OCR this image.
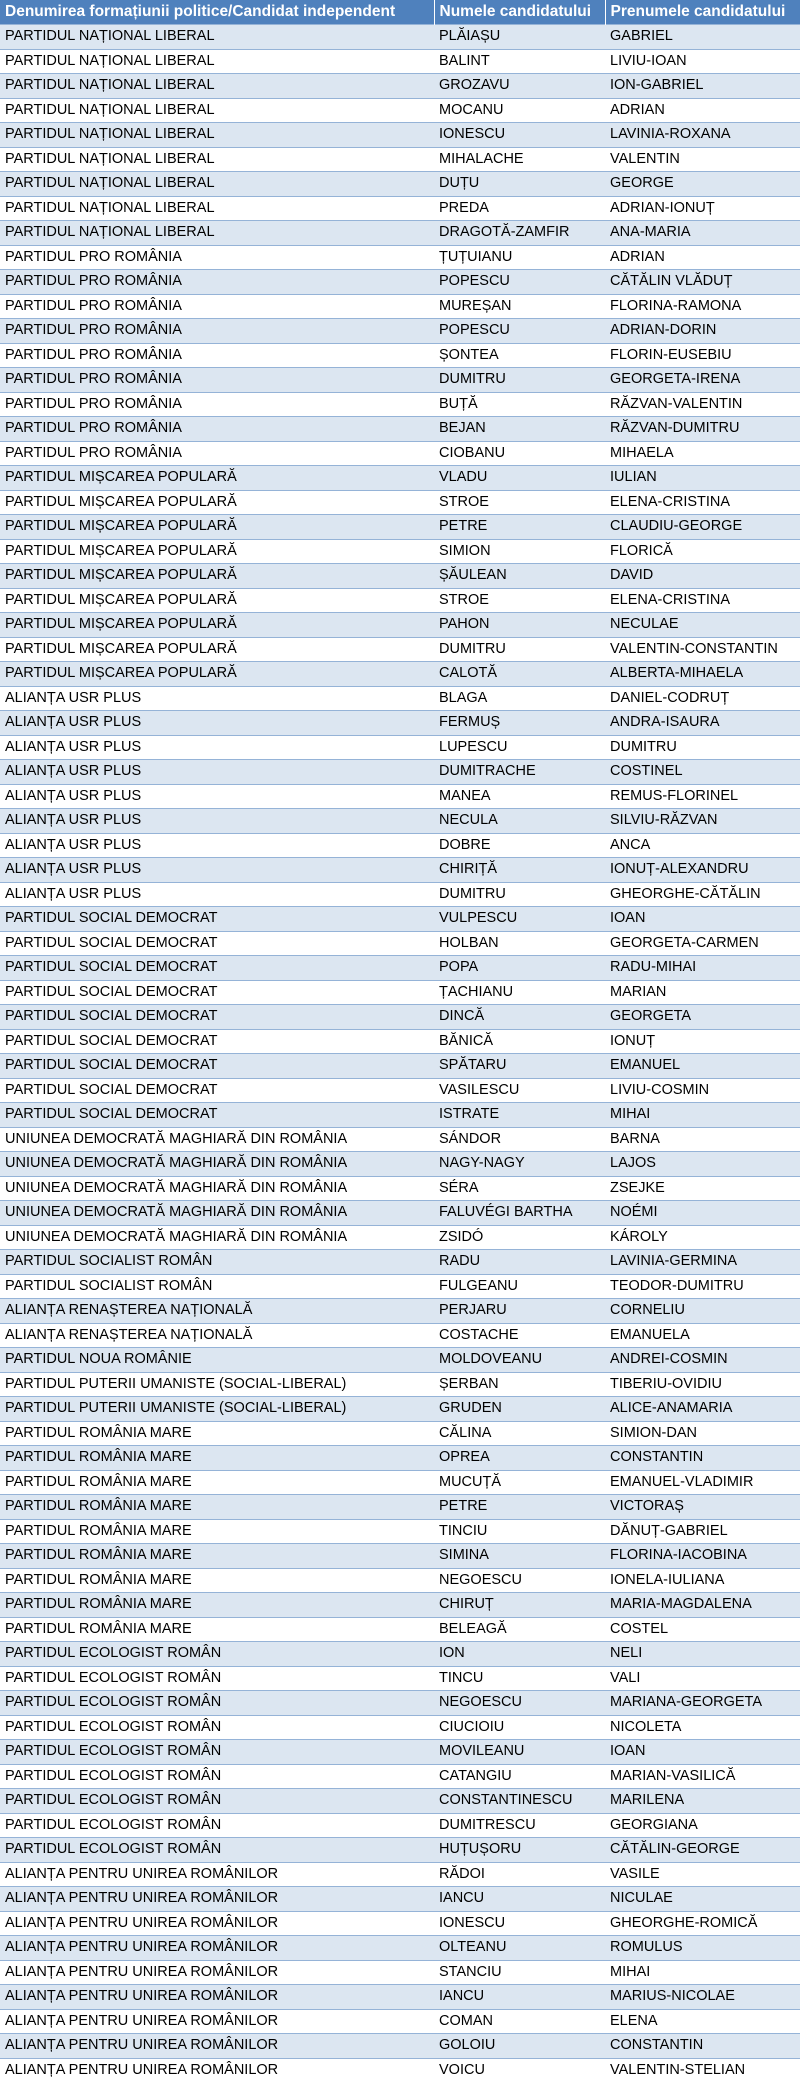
Denumirea formațiunii politice/Candidat independent	Numele candidatului	Prenumele candidatului
PARTIDUL NAȚIONAL LIBERAL	PLĂIAȘU	GABRIEL
PARTIDUL NAȚIONAL LIBERAL	BALINT	LIVIU-IOAN
PARTIDUL NAȚIONAL LIBERAL	GROZAVU	ION-GABRIEL
PARTIDUL NAȚIONAL LIBERAL	MOCANU	ADRIAN
PARTIDUL NAȚIONAL LIBERAL	IONESCU	LAVINIA-ROXANA
PARTIDUL NAȚIONAL LIBERAL	MIHALACHE	VALENTIN
PARTIDUL NAȚIONAL LIBERAL	DUȚU	GEORGE
PARTIDUL NAȚIONAL LIBERAL	PREDA	ADRIAN-IONUȚ
PARTIDUL NAȚIONAL LIBERAL	DRAGOTĂ-ZAMFIR	ANA-MARIA
PARTIDUL PRO ROMÂNIA	ȚUȚUIANU	ADRIAN
PARTIDUL PRO ROMÂNIA	POPESCU	CĂTĂLIN VLĂDUȚ
PARTIDUL PRO ROMÂNIA	MUREȘAN	FLORINA-RAMONA
PARTIDUL PRO ROMÂNIA	POPESCU	ADRIAN-DORIN
PARTIDUL PRO ROMÂNIA	ȘONTEA	FLORIN-EUSEBIU
PARTIDUL PRO ROMÂNIA	DUMITRU	GEORGETA-IRENA
PARTIDUL PRO ROMÂNIA	BUȚĂ	RĂZVAN-VALENTIN
PARTIDUL PRO ROMÂNIA	BEJAN	RĂZVAN-DUMITRU
PARTIDUL PRO ROMÂNIA	CIOBANU	MIHAELA
PARTIDUL MIȘCAREA POPULARĂ	VLADU	IULIAN
PARTIDUL MIȘCAREA POPULARĂ	STROE	ELENA-CRISTINA
PARTIDUL MIȘCAREA POPULARĂ	PETRE	CLAUDIU-GEORGE
PARTIDUL MIȘCAREA POPULARĂ	SIMION	FLORICĂ
PARTIDUL MIȘCAREA POPULARĂ	ȘĂULEAN	DAVID
PARTIDUL MIȘCAREA POPULARĂ	STROE	ELENA-CRISTINA
PARTIDUL MIȘCAREA POPULARĂ	PAHON	NECULAE
PARTIDUL MIȘCAREA POPULARĂ	DUMITRU	VALENTIN-CONSTANTIN
PARTIDUL MIȘCAREA POPULARĂ	CALOTĂ	ALBERTA-MIHAELA
ALIANȚA USR PLUS	BLAGA	DANIEL-CODRUȚ
ALIANȚA USR PLUS	FERMUȘ	ANDRA-ISAURA
ALIANȚA USR PLUS	LUPESCU	DUMITRU
ALIANȚA USR PLUS	DUMITRACHE	COSTINEL
ALIANȚA USR PLUS	MANEA	REMUS-FLORINEL
ALIANȚA USR PLUS	NECULA	SILVIU-RĂZVAN
ALIANȚA USR PLUS	DOBRE	ANCA
ALIANȚA USR PLUS	CHIRIȚĂ	IONUȚ-ALEXANDRU
ALIANȚA USR PLUS	DUMITRU	GHEORGHE-CĂTĂLIN
PARTIDUL SOCIAL DEMOCRAT	VULPESCU	IOAN
PARTIDUL SOCIAL DEMOCRAT	HOLBAN	GEORGETA-CARMEN
PARTIDUL SOCIAL DEMOCRAT	POPA	RADU-MIHAI
PARTIDUL SOCIAL DEMOCRAT	ȚACHIANU	MARIAN
PARTIDUL SOCIAL DEMOCRAT	DINCĂ	GEORGETA
PARTIDUL SOCIAL DEMOCRAT	BĂNICĂ	IONUȚ
PARTIDUL SOCIAL DEMOCRAT	SPĂTARU	EMANUEL
PARTIDUL SOCIAL DEMOCRAT	VASILESCU	LIVIU-COSMIN
PARTIDUL SOCIAL DEMOCRAT	ISTRATE	MIHAI
UNIUNEA DEMOCRATĂ MAGHIARĂ DIN ROMÂNIA	SÁNDOR	BARNA
UNIUNEA DEMOCRATĂ MAGHIARĂ DIN ROMÂNIA	NAGY-NAGY	LAJOS
UNIUNEA DEMOCRATĂ MAGHIARĂ DIN ROMÂNIA	SÉRA	ZSEJKE
UNIUNEA DEMOCRATĂ MAGHIARĂ DIN ROMÂNIA	FALUVÉGI BARTHA	NOÉMI
UNIUNEA DEMOCRATĂ MAGHIARĂ DIN ROMÂNIA	ZSIDÓ	KÁROLY
PARTIDUL SOCIALIST ROMÂN	RADU	LAVINIA-GERMINA
PARTIDUL SOCIALIST ROMÂN	FULGEANU	TEODOR-DUMITRU
ALIANȚA RENAȘTEREA NAȚIONALĂ	PERJARU	CORNELIU
ALIANȚA RENAȘTEREA NAȚIONALĂ	COSTACHE	EMANUELA
PARTIDUL NOUA ROMÂNIE	MOLDOVEANU	ANDREI-COSMIN
PARTIDUL PUTERII UMANISTE (SOCIAL-LIBERAL)	ȘERBAN	TIBERIU-OVIDIU
PARTIDUL PUTERII UMANISTE (SOCIAL-LIBERAL)	GRUDEN	ALICE-ANAMARIA
PARTIDUL ROMÂNIA MARE	CĂLINA	SIMION-DAN
PARTIDUL ROMÂNIA MARE	OPREA	CONSTANTIN
PARTIDUL ROMÂNIA MARE	MUCUȚĂ	EMANUEL-VLADIMIR
PARTIDUL ROMÂNIA MARE	PETRE	VICTORAȘ
PARTIDUL ROMÂNIA MARE	TINCIU	DĂNUȚ-GABRIEL
PARTIDUL ROMÂNIA MARE	SIMINA	FLORINA-IACOBINA
PARTIDUL ROMÂNIA MARE	NEGOESCU	IONELA-IULIANA
PARTIDUL ROMÂNIA MARE	CHIRUȚ	MARIA-MAGDALENA
PARTIDUL ROMÂNIA MARE	BELEAGĂ	COSTEL
PARTIDUL ECOLOGIST ROMÂN	ION	NELI
PARTIDUL ECOLOGIST ROMÂN	TINCU	VALI
PARTIDUL ECOLOGIST ROMÂN	NEGOESCU	MARIANA-GEORGETA
PARTIDUL ECOLOGIST ROMÂN	CIUCIOIU	NICOLETA
PARTIDUL ECOLOGIST ROMÂN	MOVILEANU	IOAN
PARTIDUL ECOLOGIST ROMÂN	CATANGIU	MARIAN-VASILICĂ
PARTIDUL ECOLOGIST ROMÂN	CONSTANTINESCU	MARILENA
PARTIDUL ECOLOGIST ROMÂN	DUMITRESCU	GEORGIANA
PARTIDUL ECOLOGIST ROMÂN	HUȚUȘORU	CĂTĂLIN-GEORGE
ALIANȚA PENTRU UNIREA ROMÂNILOR	RĂDOI	VASILE
ALIANȚA PENTRU UNIREA ROMÂNILOR	IANCU	NICULAE
ALIANȚA PENTRU UNIREA ROMÂNILOR	IONESCU	GHEORGHE-ROMICĂ
ALIANȚA PENTRU UNIREA ROMÂNILOR	OLTEANU	ROMULUS
ALIANȚA PENTRU UNIREA ROMÂNILOR	STANCIU	MIHAI
ALIANȚA PENTRU UNIREA ROMÂNILOR	IANCU	MARIUS-NICOLAE
ALIANȚA PENTRU UNIREA ROMÂNILOR	COMAN	ELENA
ALIANȚA PENTRU UNIREA ROMÂNILOR	GOLOIU	CONSTANTIN
ALIANȚA PENTRU UNIREA ROMÂNILOR	VOICU	VALENTIN-STELIAN
